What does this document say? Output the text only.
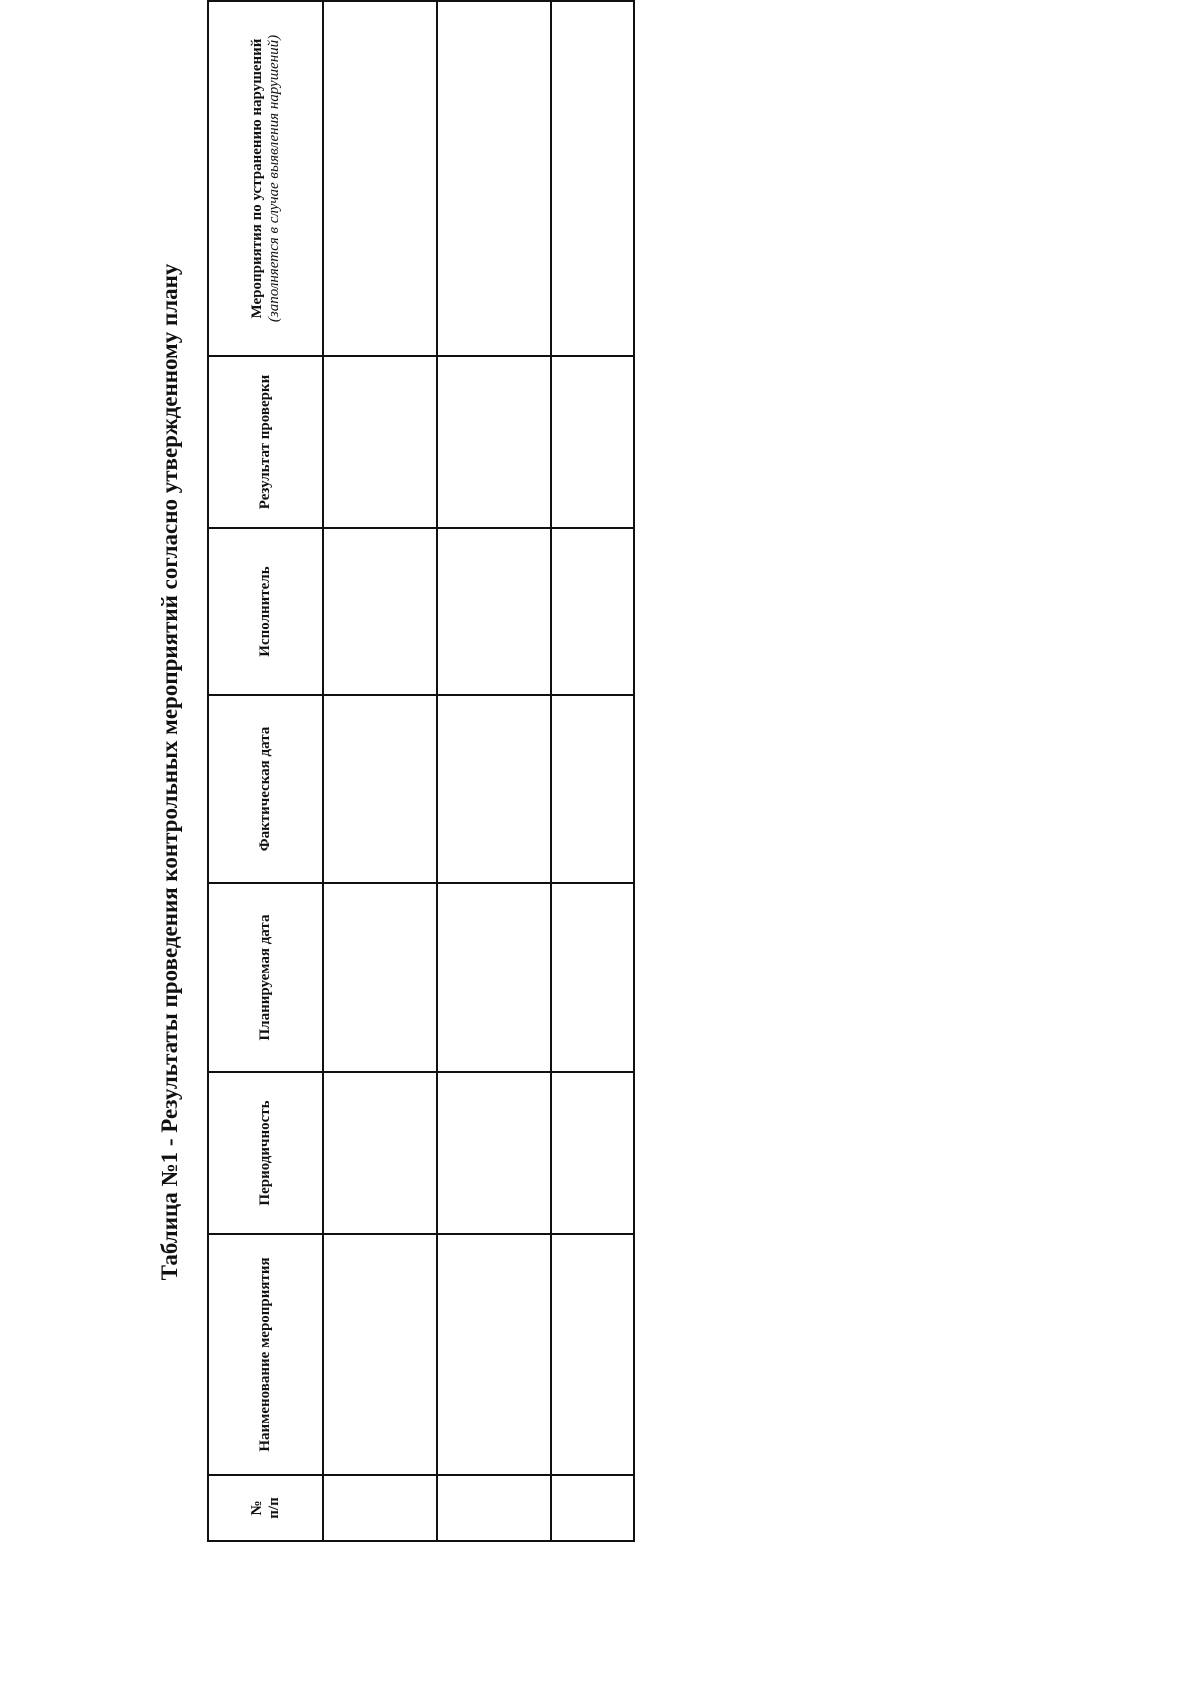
Таблица №1 - Результаты проведения контрольных мероприятий согласно утвержденному плану
№
п/п	Наименование мероприятия	Периодичность	Планируемая дата	Фактическая дата	Исполнитель	Результат проверки	Мероприятия по устранению нарушений (заполняется в случае выявления нарушений)
